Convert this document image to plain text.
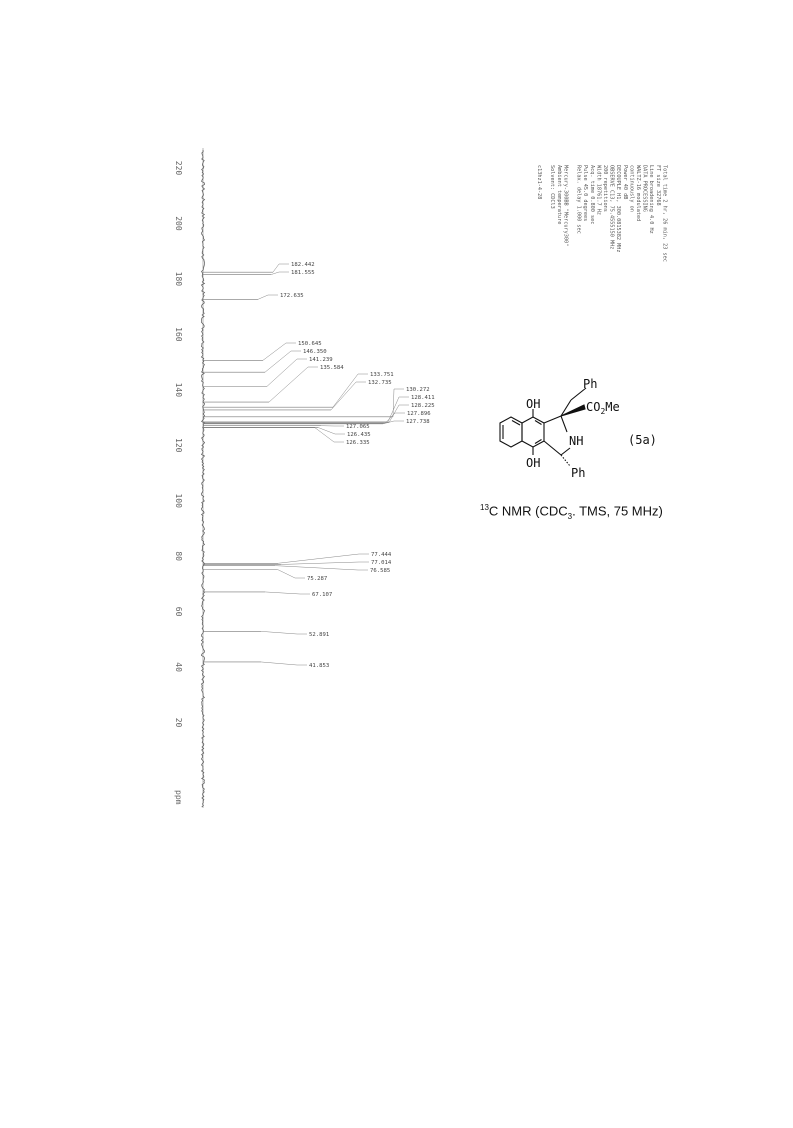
220
200
180
160
140
120
100
80
60
40
20
ppm
182.442
181.555
172.635
150.645
146.350
141.239
135.584
133.751
132.735
130.272
128.411
128.225
127.896
127.738
127.065
126.435
126.335
77.444
77.014
76.585
75.287
67.107
52.891
41.853
c13hz1-4-28 Solvent: CDCl3 Ambient temperature Mercury-300BB "Mercury300" Relax. delay 1.000 sec Pulse 45.0 degrees Acq. time 0.800 sec Width 18761.7 Hz 200 repetitions OBSERVE C13, 75.4555150 MHz DECOUPLE H1, 300.0815382 MHz Power 40 dB continuously on WALTZ-16 modulated DATA PROCESSING Line broadening 4.0 Hz FT size 32768 Total time 2 hr, 26 min, 23 sec
OH
OH
Ph
Ph
$CO_2Me$
NH	(5a)
$^{13}$C NMR ($CDC_3$. TMS, 75 MHz)
